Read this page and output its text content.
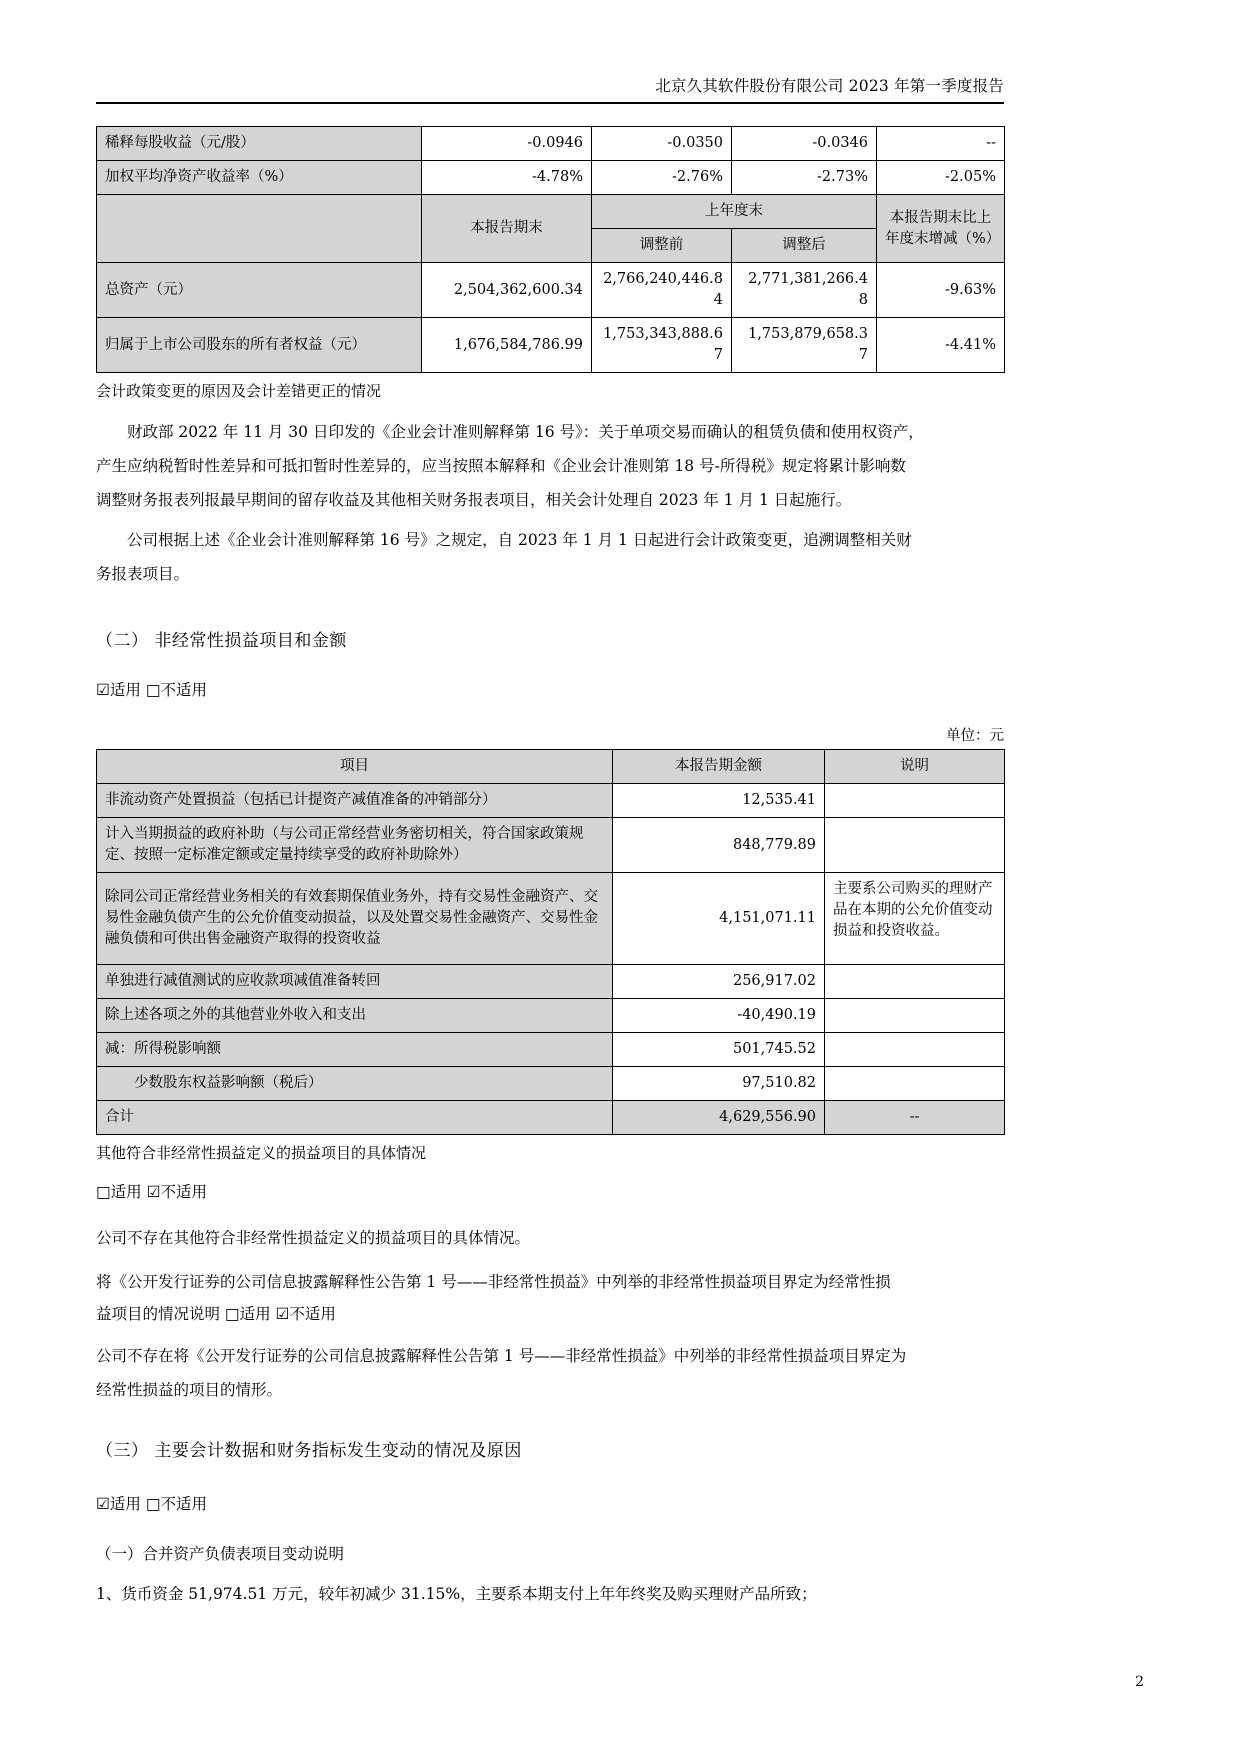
北京久其软件股份有限公司 2023 年第一季度报告
稀释每股收益（元/股）	-0.0946	-0.0350	-0.0346	--
加权平均净资产收益率（%）	-4.78%	-2.76%	-2.73%	-2.05%
	本报告期末	上年度末		本报告期末比上年度末增减（%）
		调整前	调整后	
总资产（元）	2,504,362,600.34	2,766,240,446.84	2,771,381,266.48	-9.63%
归属于上市公司股东的所有者权益（元）	1,676,584,786.99	1,753,343,888.67	1,753,879,658.37	-4.41%

会计政策变更的原因及会计差错更正的情况

财政部 2022 年 11 月 30 日印发的《企业会计准则解释第 16 号》：关于单项交易而确认的租赁负债和使用权资产，

产生应纳税暂时性差异和可抵扣暂时性差异的，应当按照本解释和《企业会计准则第 18 号-所得税》规定将累计影响数

调整财务报表列报最早期间的留存收益及其他相关财务报表项目，相关会计处理自 2023 年 1 月 1 日起施行。

公司根据上述《企业会计准则解释第 16 号》之规定，自 2023 年 1 月 1 日起进行会计政策变更，追溯调整相关财

务报表项目。

（二） 非经常性损益项目和金额

☑适用 □不适用

单位：元

项目	本报告期金额	说明
非流动资产处置损益（包括已计提资产减值准备的冲销部分）	12,535.41	
计入当期损益的政府补助（与公司正常经营业务密切相关，符合国家政策规定、按照一定标准定额或定量持续享受的政府补助除外）	848,779.89	
除同公司正常经营业务相关的有效套期保值业务外，持有交易性金融资产、交易性金融负债产生的公允价值变动损益，以及处置交易性金融资产、交易性金融负债和可供出售金融资产取得的投资收益	4,151,071.11	主要系公司购买的理财产品在本期的公允价值变动损益和投资收益。
单独进行减值测试的应收款项减值准备转回	256,917.02	
除上述各项之外的其他营业外收入和支出	-40,490.19	
减：所得税影响额	501,745.52	
　　少数股东权益影响额（税后）	97,510.82	
合计	4,629,556.90	--

其他符合非经常性损益定义的损益项目的具体情况

□适用 ☑不适用

公司不存在其他符合非经常性损益定义的损益项目的具体情况。

将《公开发行证券的公司信息披露解释性公告第 1 号——非经常性损益》中列举的非经常性损益项目界定为经常性损

益项目的情况说明 □适用 ☑不适用

公司不存在将《公开发行证券的公司信息披露解释性公告第 1 号——非经常性损益》中列举的非经常性损益项目界定为

经常性损益的项目的情形。

（三） 主要会计数据和财务指标发生变动的情况及原因

☑适用 □不适用

（一）合并资产负债表项目变动说明

1、货币资金 51,974.51 万元，较年初减少 31.15%，主要系本期支付上年年终奖及购买理财产品所致；

2
